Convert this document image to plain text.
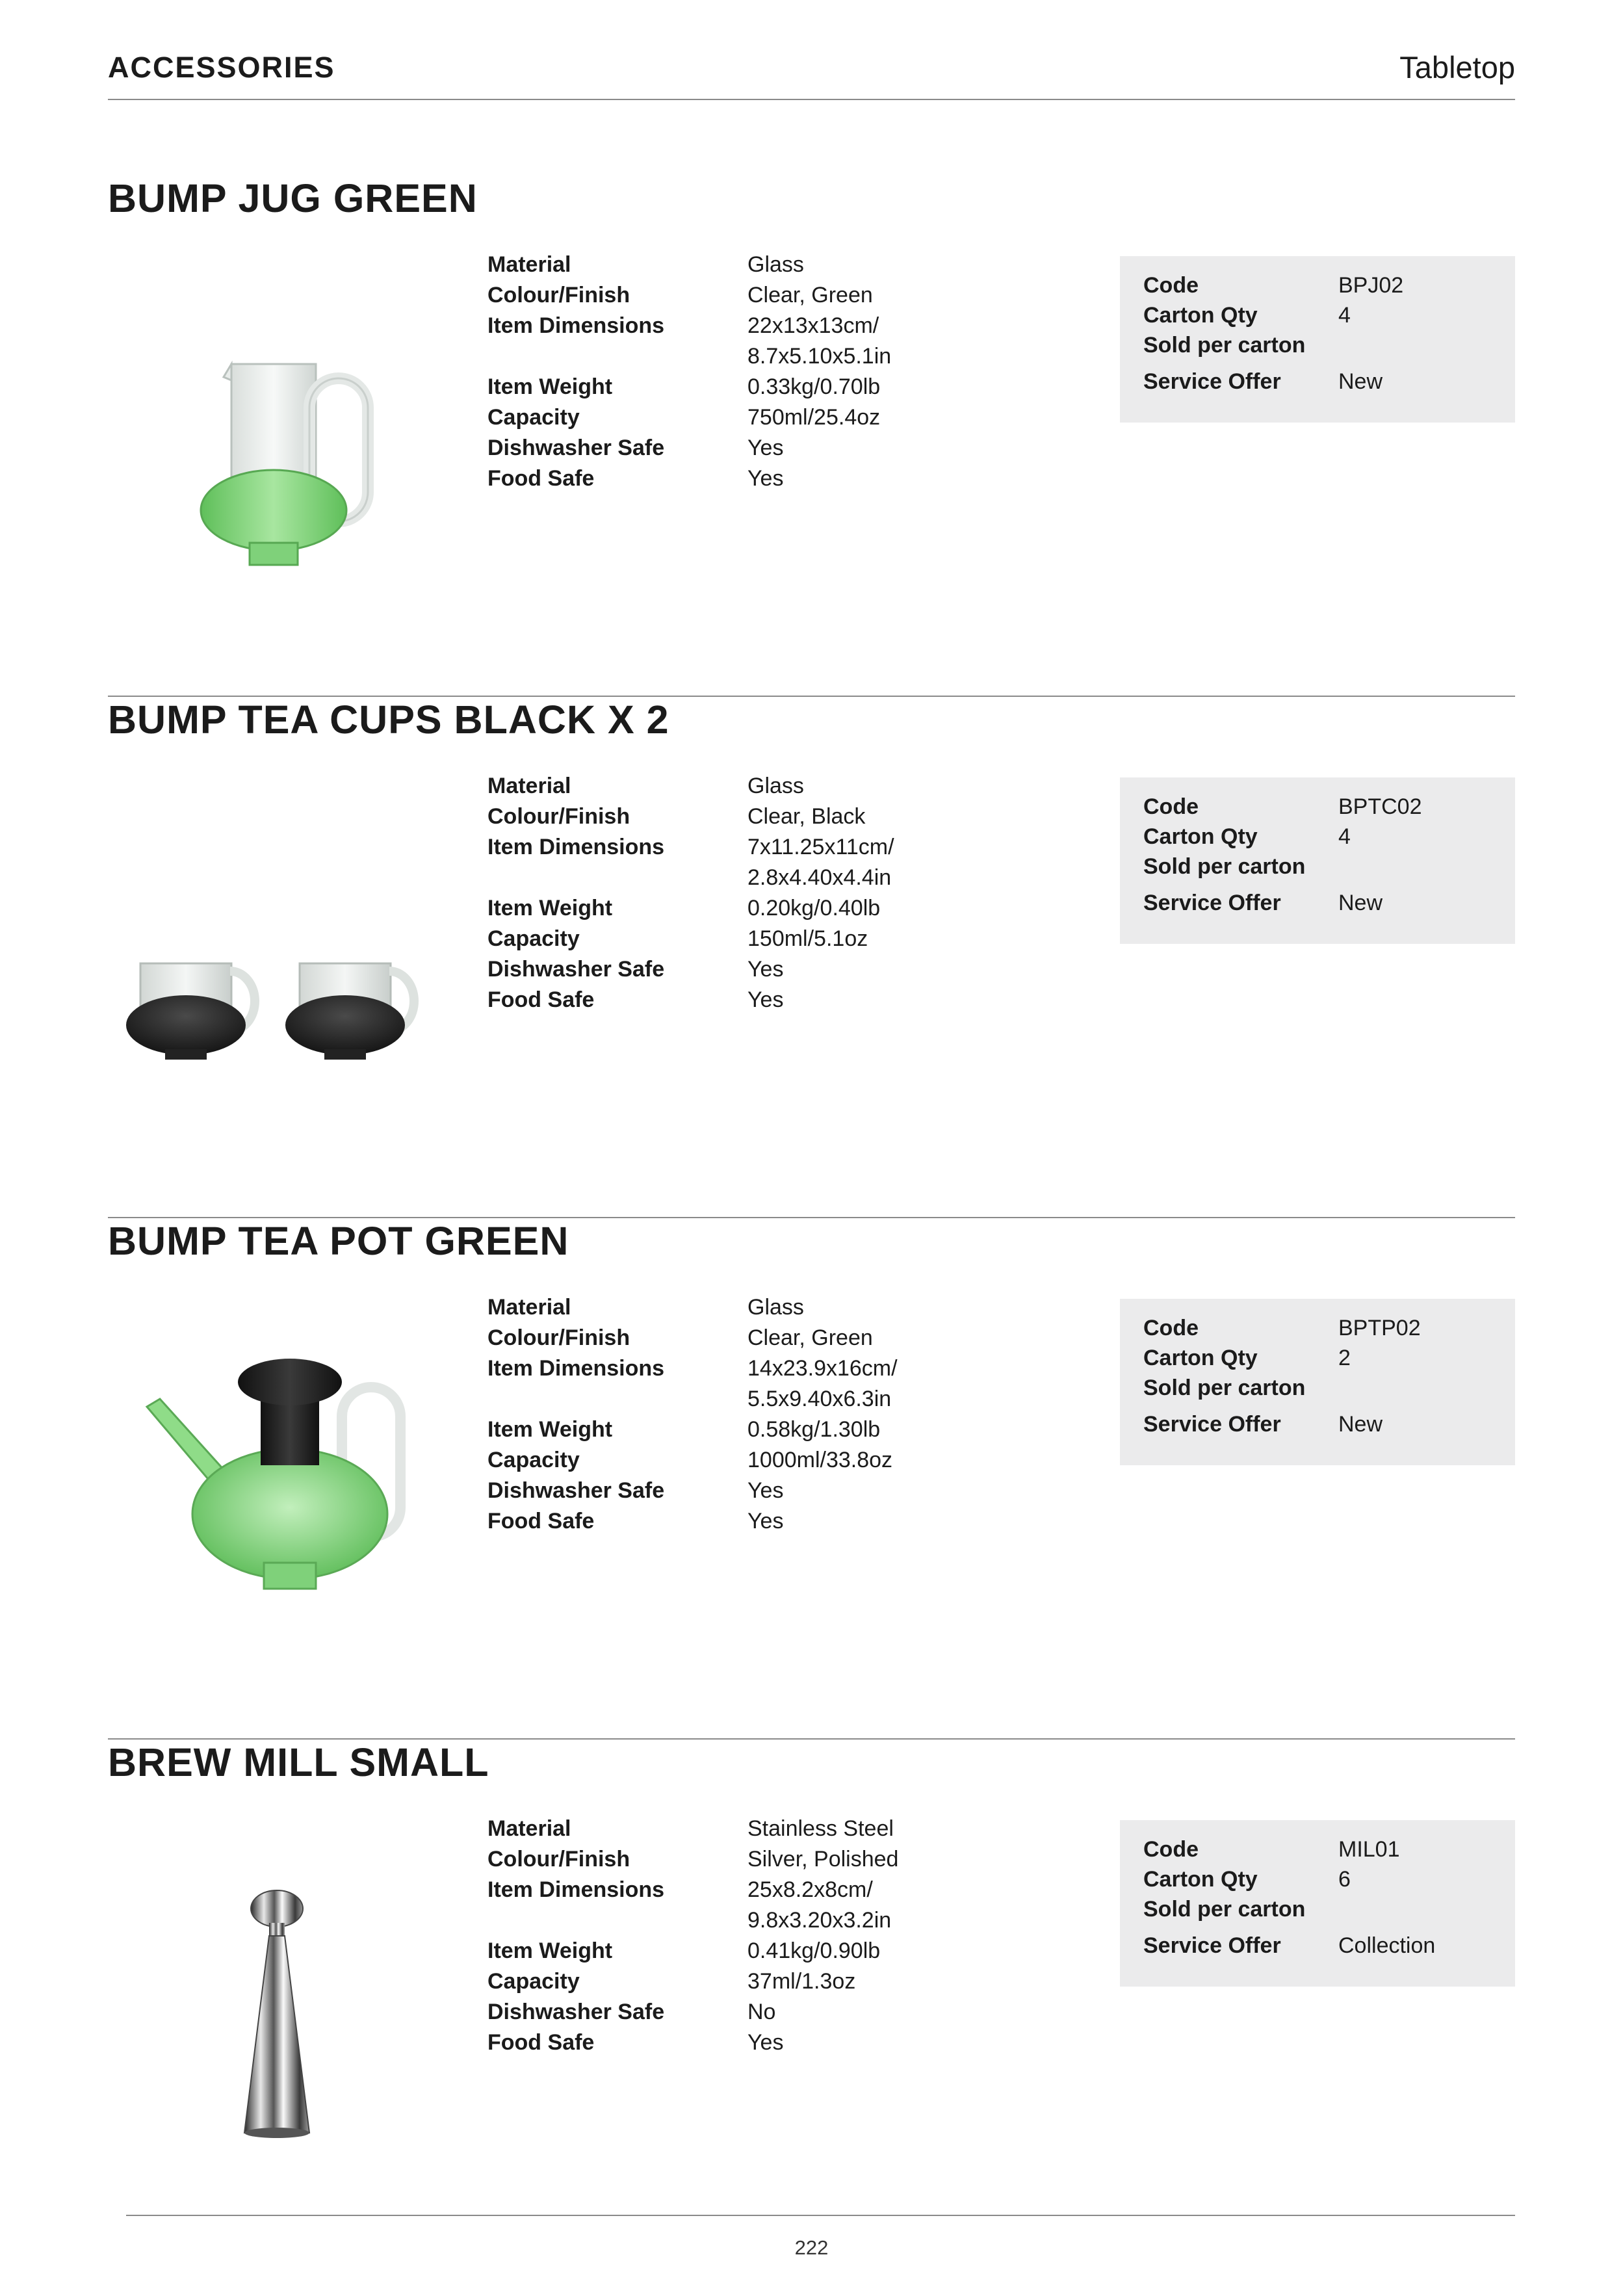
ACCESSORIES	Tabletop
BUMP JUG GREEN
Material	Glass
Colour/Finish	Clear, Green
Item Dimensions	22x13x13cm/
8.7x5.10x5.1in
Item Weight	0.33kg/0.70lb
Capacity	750ml/25.4oz
Dishwasher Safe	Yes
Food Safe	Yes
Code	BPJ02
Carton Qty	4
Sold per carton
Service Offer	New
BUMP TEA CUPS BLACK X 2
Material	Glass
Colour/Finish	Clear, Black
Item Dimensions	7x11.25x11cm/
2.8x4.40x4.4in
Item Weight	0.20kg/0.40lb
Capacity	150ml/5.1oz
Dishwasher Safe	Yes
Food Safe	Yes
Code	BPTC02
Carton Qty	4
Sold per carton
Service Offer	New
BUMP TEA POT GREEN
Material	Glass
Colour/Finish	Clear, Green
Item Dimensions	14x23.9x16cm/
5.5x9.40x6.3in
Item Weight	0.58kg/1.30lb
Capacity	1000ml/33.8oz
Dishwasher Safe	Yes
Food Safe	Yes
Code	BPTP02
Carton Qty	2
Sold per carton
Service Offer	New
BREW MILL SMALL
Material	Stainless Steel
Colour/Finish	Silver, Polished
Item Dimensions	25x8.2x8cm/
9.8x3.20x3.2in
Item Weight	0.41kg/0.90lb
Capacity	37ml/1.3oz
Dishwasher Safe	No
Food Safe	Yes
Code	MIL01
Carton Qty	6
Sold per carton
Service Offer	Collection
222
